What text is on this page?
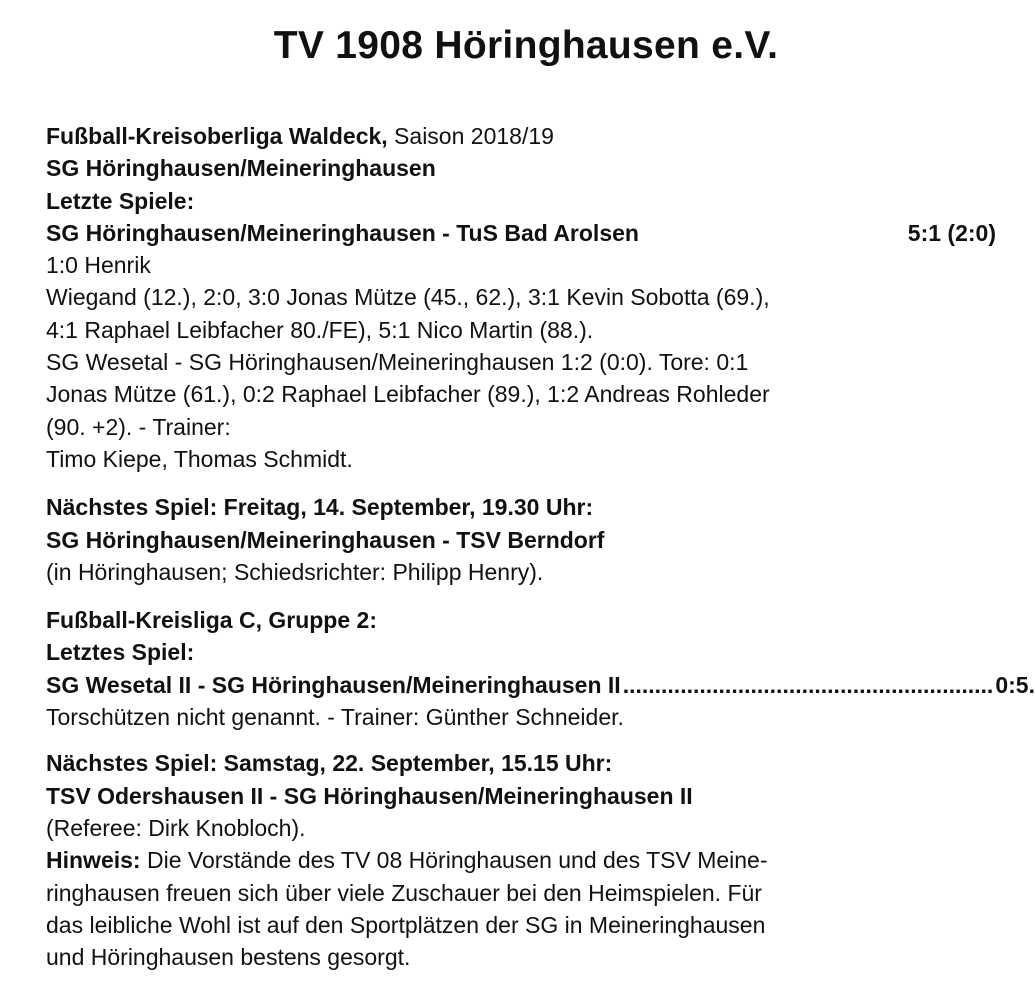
TV 1908 Höringhausen e.V.
Fußball-Kreisoberliga Waldeck, Saison 2018/19
SG Höringhausen/Meineringhausen
Letzte Spiele:
SG Höringhausen/Meineringhausen - TuS Bad Arolsen	5:1 (2:0)
1:0 Henrik
Wiegand (12.), 2:0, 3:0 Jonas Mütze (45., 62.), 3:1 Kevin Sobotta (69.),
4:1 Raphael Leibfacher 80./FE), 5:1 Nico Martin (88.).
SG Wesetal - SG Höringhausen/Meineringhausen 1:2 (0:0). Tore: 0:1
Jonas Mütze (61.), 0:2 Raphael Leibfacher (89.), 1:2 Andreas Rohleder
(90. +2). - Trainer:
Timo Kiepe, Thomas Schmidt.
Nächstes Spiel: Freitag, 14. September, 19.30 Uhr:
SG Höringhausen/Meineringhausen - TSV Berndorf
(in Höringhausen; Schiedsrichter: Philipp Henry).
Fußball-Kreisliga C, Gruppe 2:
Letztes Spiel:
SG Wesetal II - SG Höringhausen/Meineringhausen II .......................................................... 0:5.
Torschützen nicht genannt. - Trainer: Günther Schneider.
Nächstes Spiel: Samstag, 22. September, 15.15 Uhr:
TSV Odershausen II - SG Höringhausen/Meineringhausen II
(Referee: Dirk Knobloch).
Hinweis: Die Vorstände des TV 08 Höringhausen und des TSV Meine-
ringhausen freuen sich über viele Zuschauer bei den Heimspielen. Für
das leibliche Wohl ist auf den Sportplätzen der SG in Meineringhausen
und Höringhausen bestens gesorgt.
